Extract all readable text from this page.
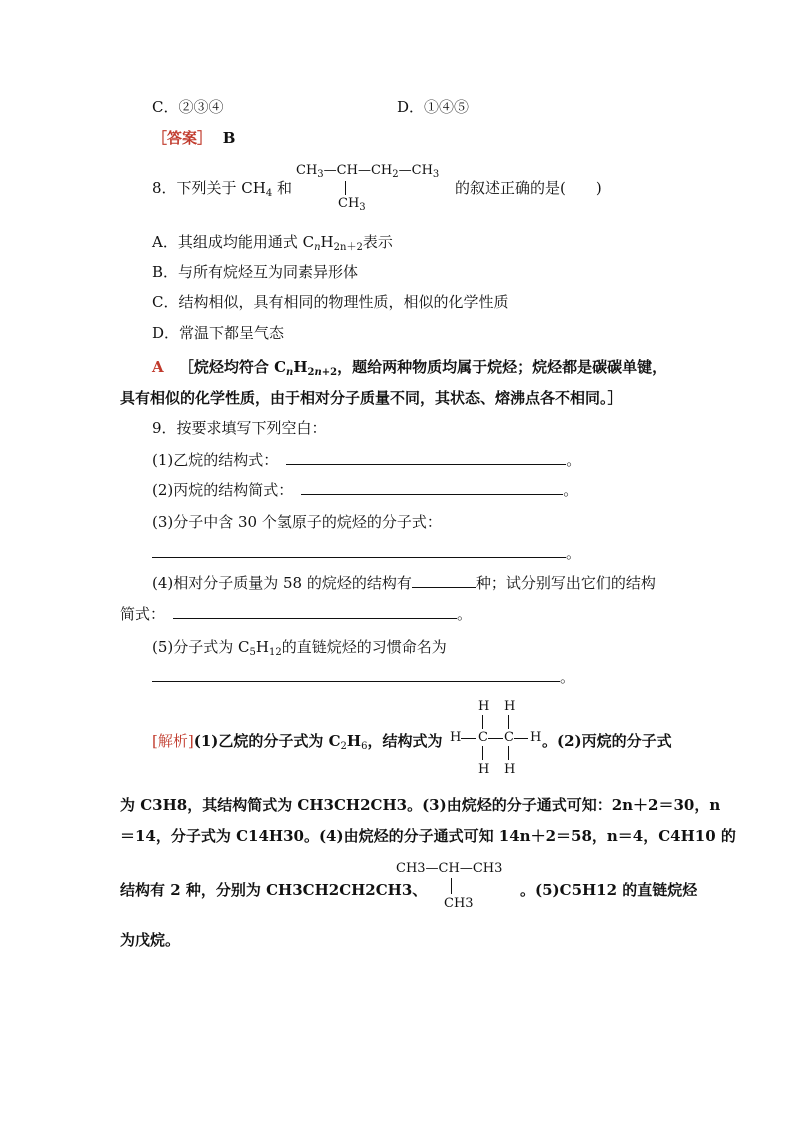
C．②③④	D．①④⑤
［答案］ B
8．下列关于 $CH_4$ 和
$CH_3—CH—CH_2—CH_3$
$CH_3$
的叙述正确的是(　　)
A．其组成均能用通式 $C_nH_{2n+2}$表示
B．与所有烷烃互为同素异形体
C．结构相似，具有相同的物理性质，相似的化学性质
D．常温下都呈气态
A ［烷烃均符合 $C_nH_{2n+2}$，题给两种物质均属于烷烃；烷烃都是碳碳单键，
具有相似的化学性质，由于相对分子质量不同，其状态、熔沸点各不相同。］
9．按要求填写下列空白：
(1)乙烷的结构式：	。
(2)丙烷的结构简式：	。
(3)分子中含 30 个氢原子的烷烃的分子式：
。
(4)相对分子质量为 58 的烷烃的结构有	种；试分别写出它们的结构
简式：	。
(5)分子式为 $C_5H_{12}$的直链烷烃的习惯命名为
。
[解析](1)乙烷的分子式为 $C_2H_6$，结构式为
H H
H C C H
H H
。(2)丙烷的分子式
为 C3H8，其结构简式为 CH3CH2CH3。(3)由烷烃的分子通式可知：2n＋2＝30，n
＝14，分子式为 C14H30。(4)由烷烃的分子通式可知 14n＋2＝58，n＝4，C4H10 的
结构有 2 种，分别为 CH3CH2CH2CH3、
CH3—CH—CH3
CH3
。(5)C5H12 的直链烷烃
为戊烷。
